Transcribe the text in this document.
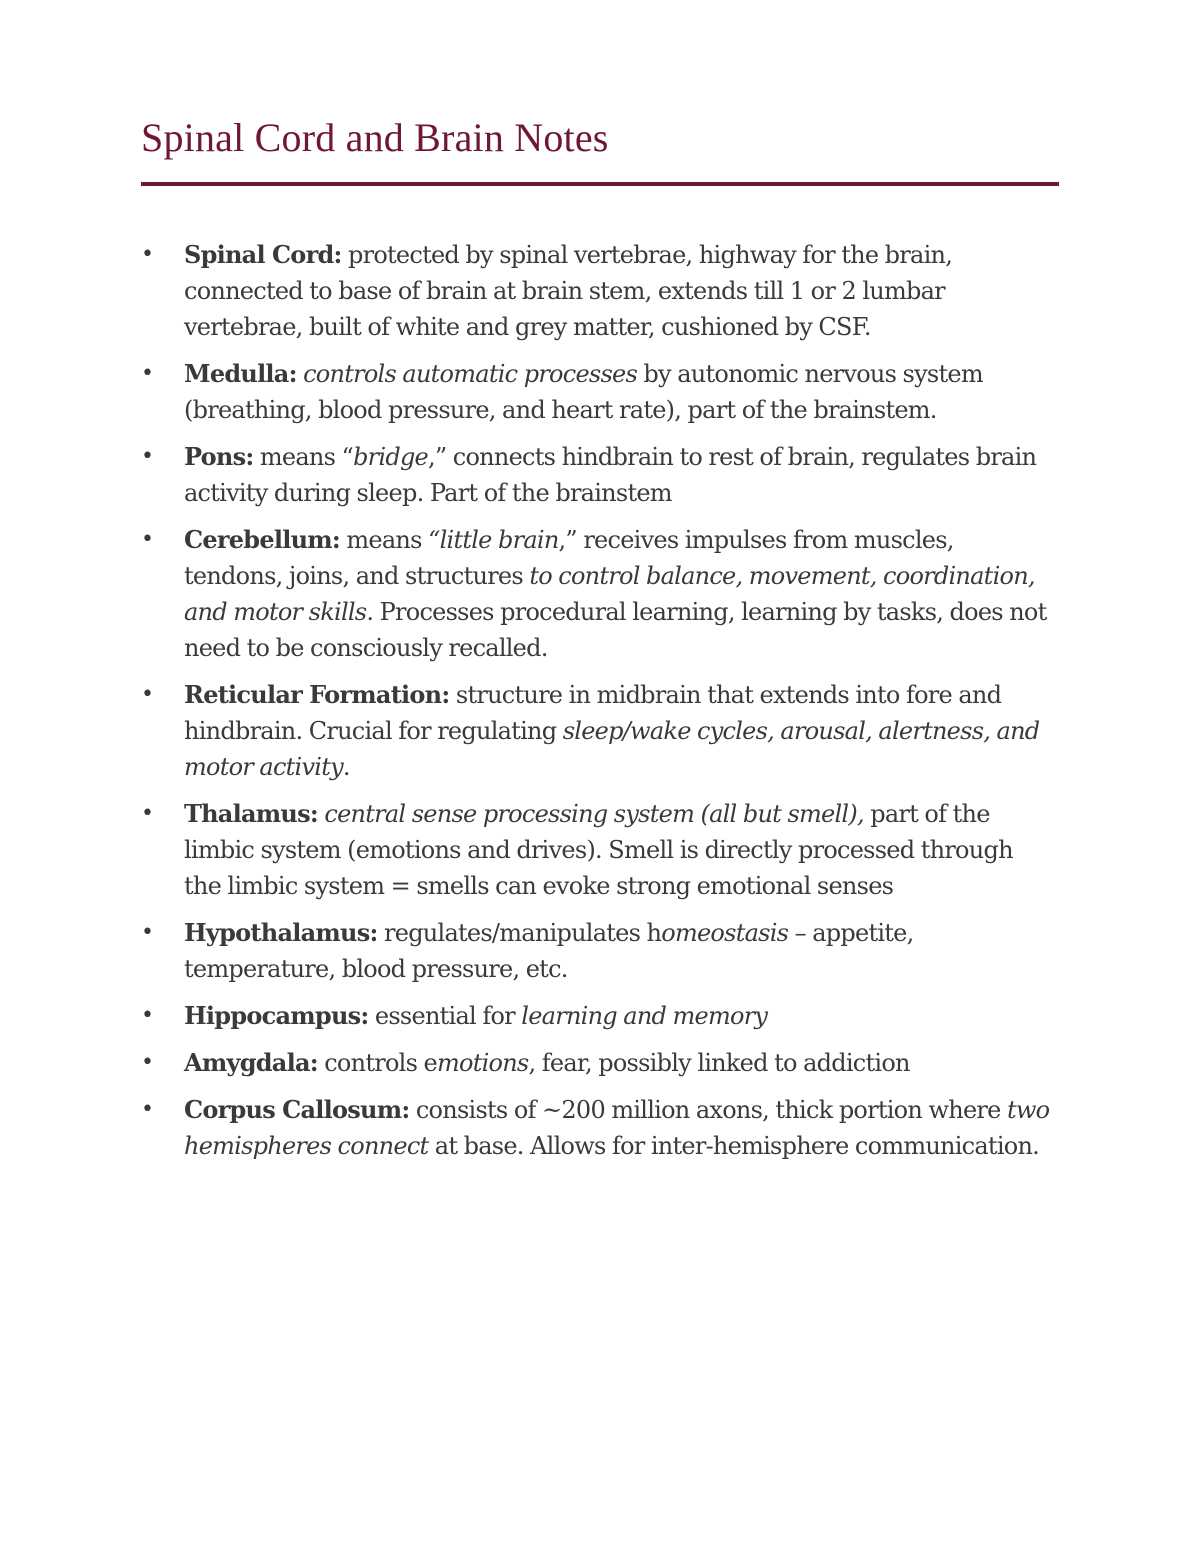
Spinal Cord and Brain Notes
•	Spinal Cord: protected by spinal vertebrae, highway for the brain, connected to base of brain at brain stem, extends till 1 or 2 lumbar vertebrae, built of white and grey matter, cushioned by CSF.
•	Medulla: controls automatic processes by autonomic nervous system (breathing, blood pressure, and heart rate), part of the brainstem.
•	Pons: means “bridge,” connects hindbrain to rest of brain, regulates brain activity during sleep. Part of the brainstem
•	Cerebellum: means “little brain,” receives impulses from muscles, tendons, joins, and structures to control balance, movement, coordination, and motor skills. Processes procedural learning, learning by tasks, does not need to be consciously recalled.
•	Reticular Formation: structure in midbrain that extends into fore and hindbrain. Crucial for regulating sleep/wake cycles, arousal, alertness, and motor activity.
•	Thalamus: central sense processing system (all but smell), part of the limbic system (emotions and drives). Smell is directly processed through the limbic system = smells can evoke strong emotional senses
•	Hypothalamus: regulates/manipulates homeostasis – appetite, temperature, blood pressure, etc.
•	Hippocampus: essential for learning and memory
•	Amygdala: controls emotions, fear, possibly linked to addiction
•	Corpus Callosum: consists of ~200 million axons, thick portion where two hemispheres connect at base. Allows for inter-hemisphere communication.
